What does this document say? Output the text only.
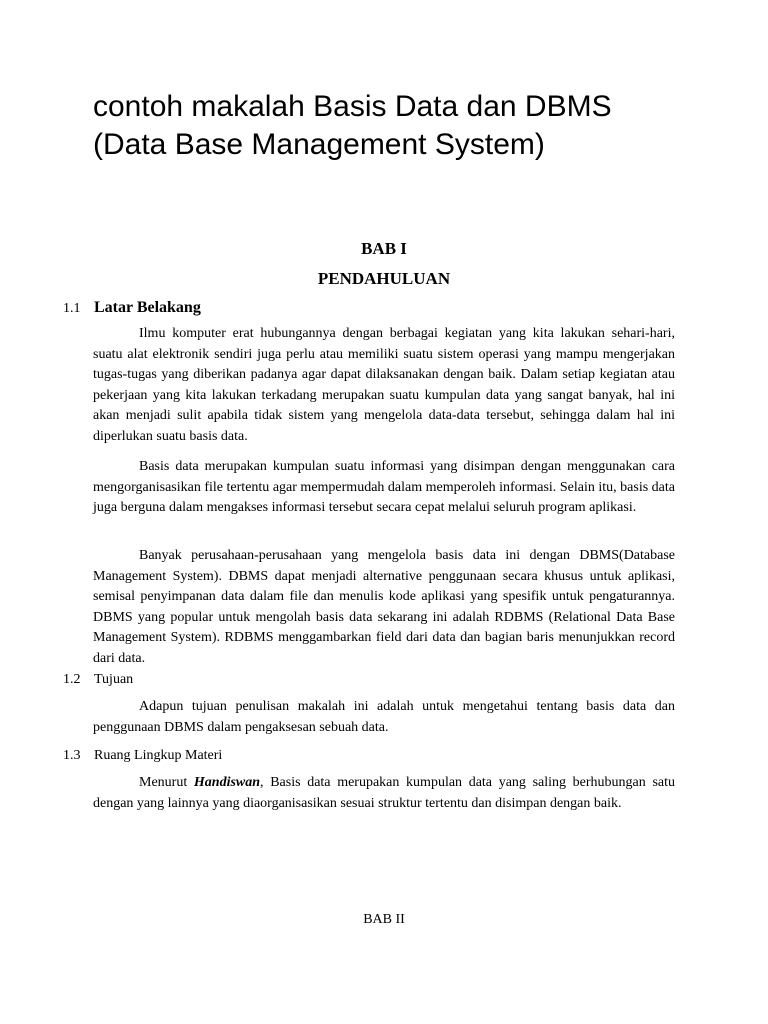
contoh makalah Basis Data dan DBMS (Data Base Management System)
BAB I
PENDAHULUAN
1.1 Latar Belakang

Ilmu komputer erat hubungannya dengan berbagai kegiatan yang kita lakukan sehari-hari, suatu alat elektronik sendiri juga perlu atau memiliki suatu sistem operasi yang mampu mengerjakan tugas-tugas yang diberikan padanya agar dapat dilaksanakan dengan baik. Dalam setiap kegiatan atau pekerjaan yang kita lakukan terkadang merupakan suatu kumpulan data yang sangat banyak, hal ini akan menjadi sulit apabila tidak sistem yang mengelola data-data tersebut, sehingga dalam hal ini diperlukan suatu basis data.

Basis data merupakan kumpulan suatu informasi yang disimpan dengan menggunakan cara mengorganisasikan file tertentu agar mempermudah dalam memperoleh informasi. Selain itu, basis data juga berguna dalam mengakses informasi tersebut secara cepat melalui seluruh program aplikasi.

Banyak perusahaan-perusahaan yang mengelola basis data ini dengan DBMS(Database Management System). DBMS dapat menjadi alternative penggunaan secara khusus untuk aplikasi, semisal penyimpanan data dalam file dan menulis kode aplikasi yang spesifik untuk pengaturannya. DBMS yang popular untuk mengolah basis data sekarang ini adalah RDBMS (Relational Data Base Management System). RDBMS menggambarkan field dari data dan bagian baris menunjukkan record dari data.

1.2 Tujuan

Adapun tujuan penulisan makalah ini adalah untuk mengetahui tentang basis data dan penggunaan DBMS dalam pengaksesan sebuah data.

1.3 Ruang Lingkup Materi

Menurut Handiswan, Basis data merupakan kumpulan data yang saling berhubungan satu dengan yang lainnya yang diaorganisasikan sesuai struktur tertentu dan disimpan dengan baik.

BAB II
